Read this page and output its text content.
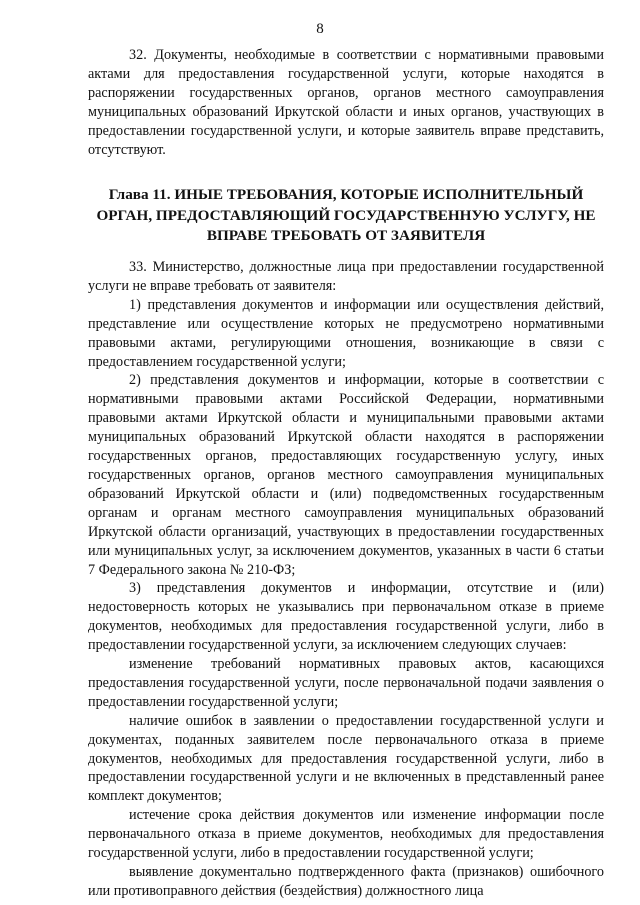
8

32. Документы, необходимые в соответствии с нормативными правовыми актами для предоставления государственной услуги, которые находятся в распоряжении государственных органов, органов местного самоуправления муниципальных образований Иркутской области и иных органов, участвующих в предоставлении государственной услуги, и которые заявитель вправе представить, отсутствуют.

Глава 11. ИНЫЕ ТРЕБОВАНИЯ, КОТОРЫЕ ИСПОЛНИТЕЛЬНЫЙ ОРГАН, ПРЕДОСТАВЛЯЮЩИЙ ГОСУДАРСТВЕННУЮ УСЛУГУ, НЕ ВПРАВЕ ТРЕБОВАТЬ ОТ ЗАЯВИТЕЛЯ

33. Министерство, должностные лица при предоставлении государственной услуги не вправе требовать от заявителя:

1) представления документов и информации или осуществления действий, представление или осуществление которых не предусмотрено нормативными правовыми актами, регулирующими отношения, возникающие в связи с предоставлением государственной услуги;

2) представления документов и информации, которые в соответствии с нормативными правовыми актами Российской Федерации, нормативными правовыми актами Иркутской области и муниципальными правовыми актами муниципальных образований Иркутской области находятся в распоряжении государственных органов, предоставляющих государственную услугу, иных государственных органов, органов местного самоуправления муниципальных образований Иркутской области и (или) подведомственных государственным органам и органам местного самоуправления муниципальных образований Иркутской области организаций, участвующих в предоставлении государственных или муниципальных услуг, за исключением документов, указанных в части 6 статьи 7 Федерального закона № 210-ФЗ;

3) представления документов и информации, отсутствие и (или) недостоверность которых не указывались при первоначальном отказе в приеме документов, необходимых для предоставления государственной услуги, либо в предоставлении государственной услуги, за исключением следующих случаев:

изменение требований нормативных правовых актов, касающихся предоставления государственной услуги, после первоначальной подачи заявления о предоставлении государственной услуги;

наличие ошибок в заявлении о предоставлении государственной услуги и документах, поданных заявителем после первоначального отказа в приеме документов, необходимых для предоставления государственной услуги, либо в предоставлении государственной услуги и не включенных в представленный ранее комплект документов;

истечение срока действия документов или изменение информации после первоначального отказа в приеме документов, необходимых для предоставления государственной услуги, либо в предоставлении государственной услуги;

выявление документально подтвержденного факта (признаков) ошибочного или противоправного действия (бездействия) должностного лица
